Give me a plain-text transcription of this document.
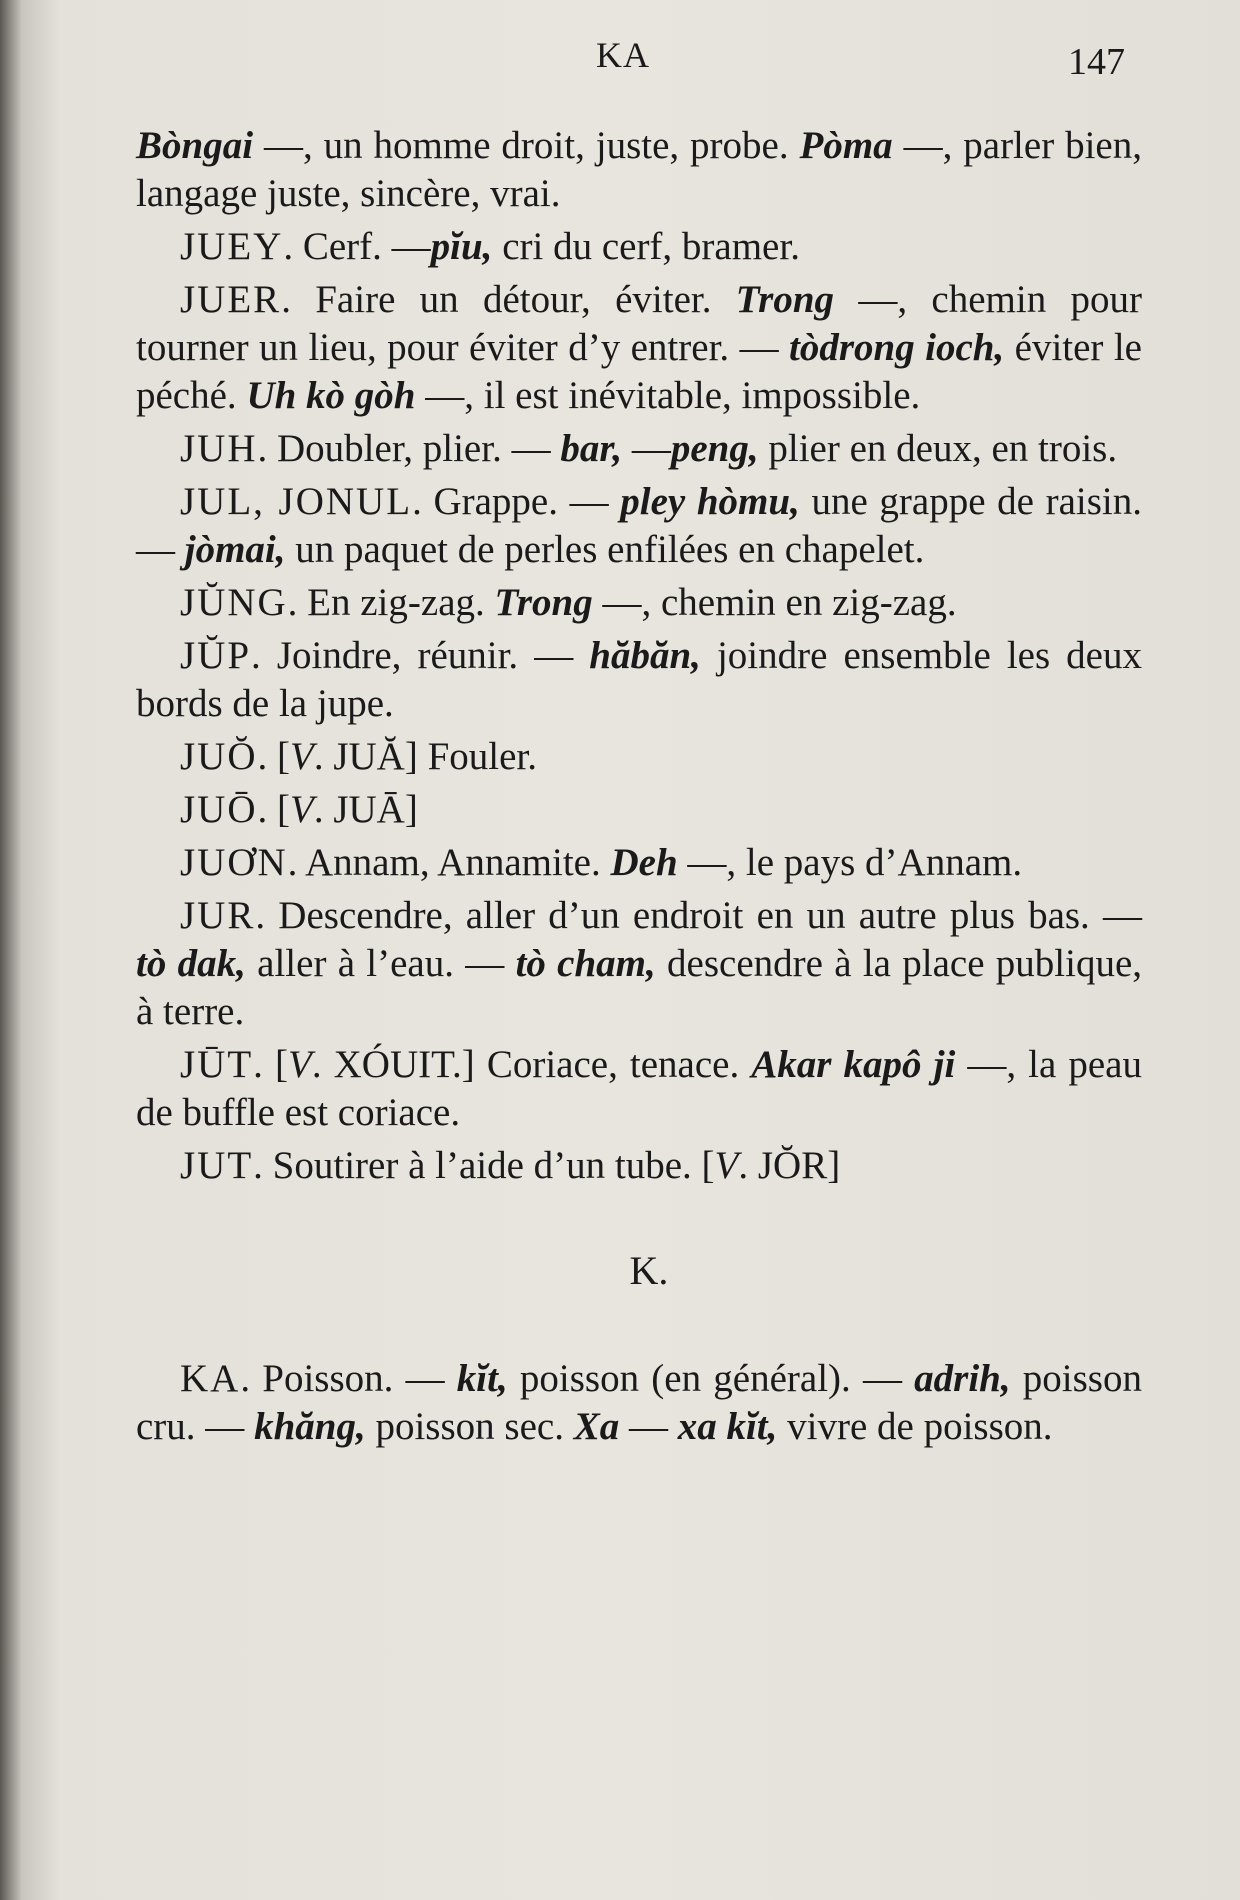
KA	147

Bòngai —, un homme droit, juste, probe. Pòma —, parler bien, langage juste, sincère, vrai.

JUEY. Cerf. —pĭu, cri du cerf, bramer.

JUER. Faire un détour, éviter. Trong —, chemin pour tourner un lieu, pour éviter d’y entrer. — tòdrong ioch, éviter le péché. Uh kò gòh —, il est inévitable, impossible.

JUH. Doubler, plier. — bar, —peng, plier en deux, en trois.

JUL, JONUL. Grappe. — pley hòmu, une grappe de raisin. — jòmai, un paquet de perles enfilées en chapelet.

JŬNG. En zig-zag. Trong —, chemin en zig-zag.

JŬP. Joindre, réunir. — hăbăn, joindre ensemble les deux bords de la jupe.

JUŎ. [V. JUĂ] Fouler.

JUŌ. [V. JUĀ]

JUƠN. Annam, Annamite. Deh —, le pays d’Annam.

JUR. Descendre, aller d’un endroit en un autre plus bas. — tò dak, aller à l’eau. — tò cham, descendre à la place publique, à terre.

JŪT. [V. XÓUIT.] Coriace, tenace. Akar kapô ji —, la peau de buffle est coriace.

JUT. Soutirer à l’aide d’un tube. [V. JŎR]

K.

KA. Poisson. — kĭt, poisson (en général). — adrih, poisson cru. — khăng, poisson sec. Xa — xa kĭt, vivre de poisson.
